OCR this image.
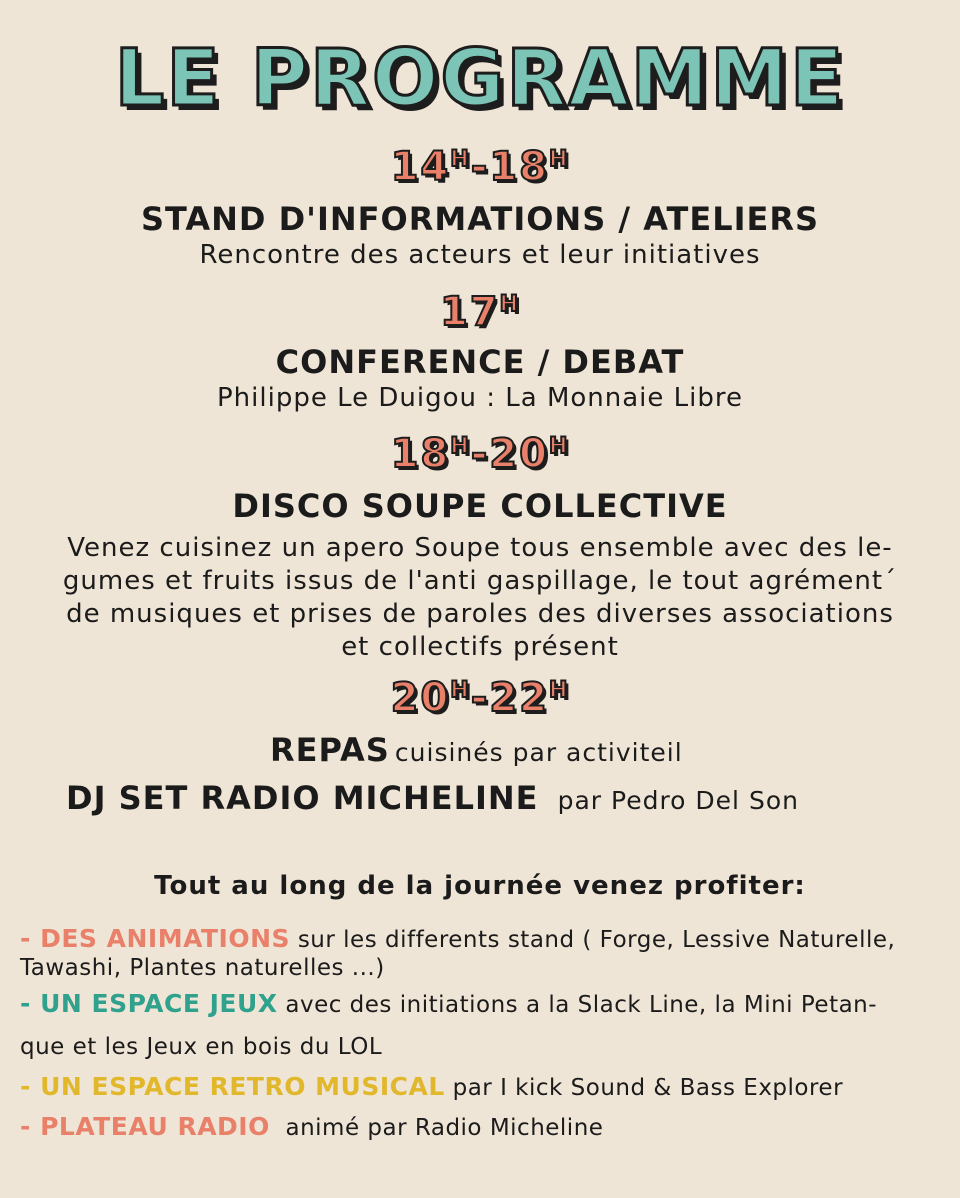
LE PROGRAMME
$14^H-18^H$
STAND D'INFORMATIONS / ATELIERS
Rencontre des acteurs et leur initiatives
$17^H$
CONFERENCE / DEBAT
Philippe Le Duigou : La Monnaie Libre
$18^H-20^H$
DISCO SOUPE COLLECTIVE
Venez cuisinez un apero Soupe tous ensemble avec des le-
gumes et fruits issus de l'anti gaspillage, le tout agrément´
de musiques et prises de paroles des diverses associations
et collectifs présent
$20^H-22^H$
REPAS cuisinés par activiteil
DJ SET RADIO MICHELINE par Pedro Del Son
Tout au long de la journée venez profiter:
- DES ANIMATIONS sur les differents stand ( Forge, Lessive Naturelle,
Tawashi, Plantes naturelles ...)
- UN ESPACE JEUX avec des initiations a la Slack Line, la Mini Petan-
que et les Jeux en bois du LOL
- UN ESPACE RETRO MUSICAL par I kick Sound & Bass Explorer
- PLATEAU RADIO  animé par Radio Micheline
